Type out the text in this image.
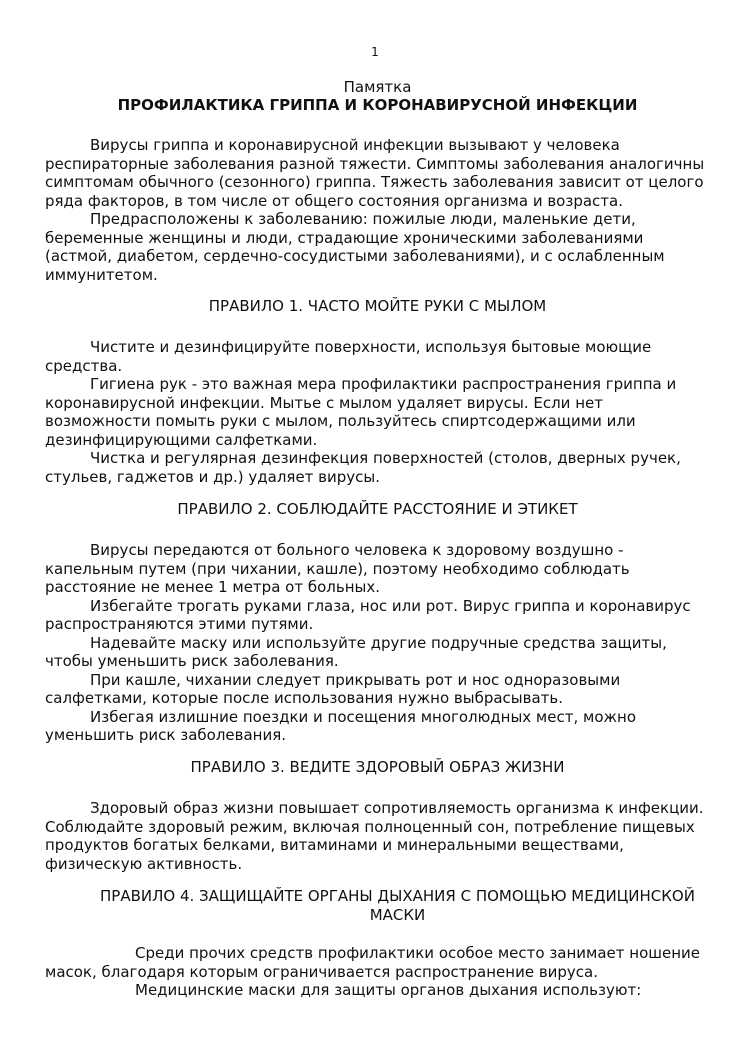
1
Памятка
ПРОФИЛАКТИКА ГРИППА И КОРОНАВИРУСНОЙ ИНФЕКЦИИ

Вирусы гриппа и коронавирусной инфекции вызывают у человека респираторные заболевания разной тяжести. Симптомы заболевания аналогичны симптомам обычного (сезонного) гриппа. Тяжесть заболевания зависит от целого ряда факторов, в том числе от общего состояния организма и возраста.

Предрасположены к заболеванию: пожилые люди, маленькие дети, беременные женщины и люди, страдающие хроническими заболеваниями (астмой, диабетом, сердечно-сосудистыми заболеваниями), и с ослабленным иммунитетом.

ПРАВИЛО 1. ЧАСТО МОЙТЕ РУКИ С МЫЛОМ

Чистите и дезинфицируйте поверхности, используя бытовые моющие средства.

Гигиена рук - это важная мера профилактики распространения гриппа и коронавирусной инфекции. Мытье с мылом удаляет вирусы. Если нет возможности помыть руки с мылом, пользуйтесь спиртсодержащими или дезинфицирующими салфетками.

Чистка и регулярная дезинфекция поверхностей (столов, дверных ручек, стульев, гаджетов и др.) удаляет вирусы.

ПРАВИЛО 2. СОБЛЮДАЙТЕ РАССТОЯНИЕ И ЭТИКЕТ

Вирусы передаются от больного человека к здоровому воздушно - капельным путем (при чихании, кашле), поэтому необходимо соблюдать расстояние не менее 1 метра от больных.

Избегайте трогать руками глаза, нос или рот. Вирус гриппа и коронавирус распространяются этими путями.

Надевайте маску или используйте другие подручные средства защиты, чтобы уменьшить риск заболевания.

При кашле, чихании следует прикрывать рот и нос одноразовыми салфетками, которые после использования нужно выбрасывать.

Избегая излишние поездки и посещения многолюдных мест, можно уменьшить риск заболевания.

ПРАВИЛО 3. ВЕДИТЕ ЗДОРОВЫЙ ОБРАЗ ЖИЗНИ

Здоровый образ жизни повышает сопротивляемость организма к инфекции. Соблюдайте здоровый режим, включая полноценный сон, потребление пищевых продуктов богатых белками, витаминами и минеральными веществами, физическую активность.

ПРАВИЛО 4. ЗАЩИЩАЙТЕ ОРГАНЫ ДЫХАНИЯ С ПОМОЩЬЮ МЕДИЦИНСКОЙ МАСКИ

Среди прочих средств профилактики особое место занимает ношение масок, благодаря которым ограничивается распространение вируса.

Медицинские маски для защиты органов дыхания используют:
